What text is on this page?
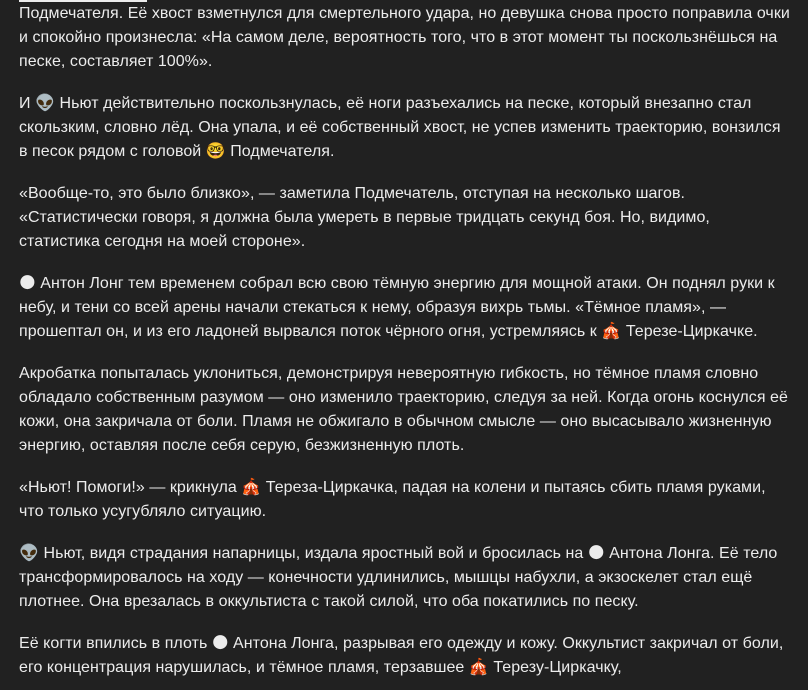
Подмечателя. Её хвост взметнулся для смертельного удара, но девушка снова просто поправила очки и спокойно произнесла: «На самом деле, вероятность того, что в этот момент ты поскользнёшься на песке, составляет 100%».

И 👽 Ньют действительно поскользнулась, её ноги разъехались на песке, который внезапно стал скользким, словно лёд. Она упала, и её собственный хвост, не успев изменить траекторию, вонзился в песок рядом с головой 🤓 Подмечателя.

«Вообще-то, это было близко», — заметила Подмечатель, отступая на несколько шагов. «Статистически говоря, я должна была умереть в первые тридцать секунд боя. Но, видимо, статистика сегодня на моей стороне».

🌑 Антон Лонг тем временем собрал всю свою тёмную энергию для мощной атаки. Он поднял руки к небу, и тени со всей арены начали стекаться к нему, образуя вихрь тьмы. «Тёмное пламя», — прошептал он, и из его ладоней вырвался поток чёрного огня, устремляясь к 🎪 Терезе-Циркачке.

Акробатка попыталась уклониться, демонстрируя невероятную гибкость, но тёмное пламя словно обладало собственным разумом — оно изменило траекторию, следуя за ней. Когда огонь коснулся её кожи, она закричала от боли. Пламя не обжигало в обычном смысле — оно высасывало жизненную энергию, оставляя после себя серую, безжизненную плоть.

«Ньют! Помоги!» — крикнула 🎪 Тереза-Циркачка, падая на колени и пытаясь сбить пламя руками, что только усугубляло ситуацию.

👽 Ньют, видя страдания напарницы, издала яростный вой и бросилась на 🌑 Антона Лонга. Её тело трансформировалось на ходу — конечности удлинились, мышцы набухли, а экзоскелет стал ещё плотнее. Она врезалась в оккультиста с такой силой, что оба покатились по песку.

Её когти впились в плоть 🌑 Антона Лонга, разрывая его одежду и кожу. Оккультист закричал от боли, его концентрация нарушилась, и тёмное пламя, терзавшее 🎪 Терезу-Циркачку,
